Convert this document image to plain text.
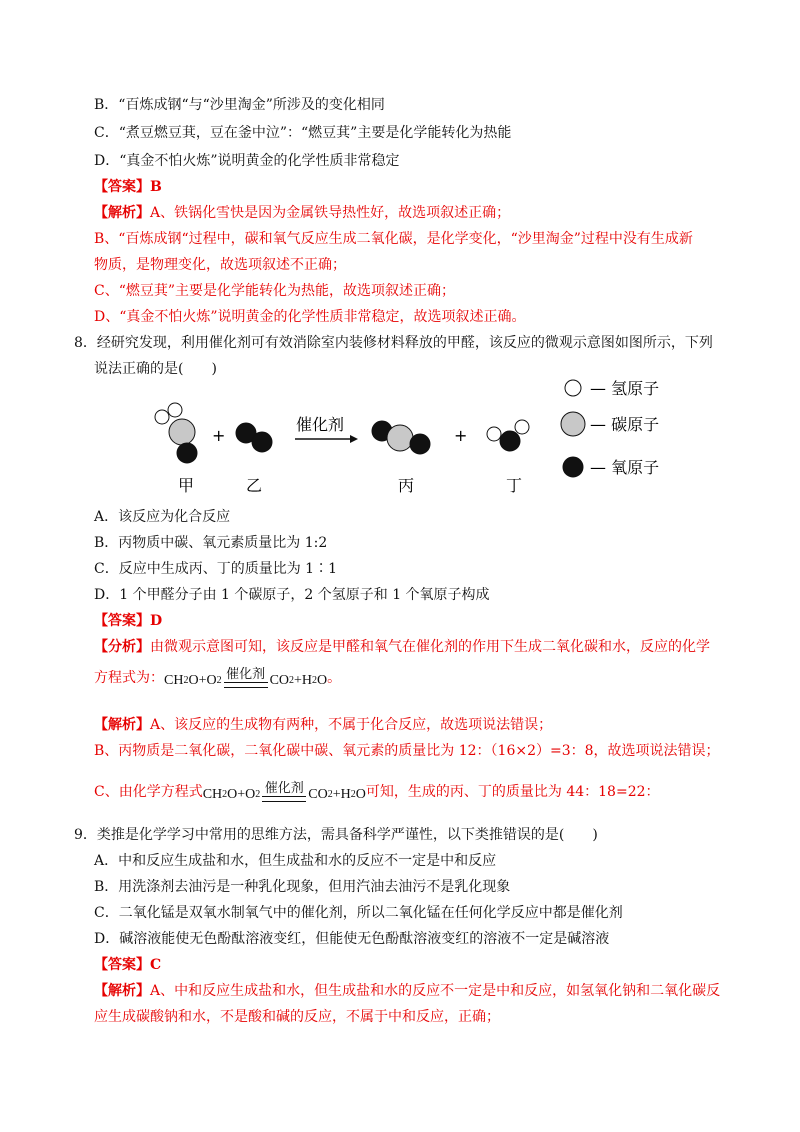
B．“百炼成钢“与“沙里淘金”所涉及的变化相同
C．“煮豆燃豆萁，豆在釜中泣”：“燃豆萁”主要是化学能转化为热能
D．“真金不怕火炼”说明黄金的化学性质非常稳定
【答案】B
【解析】A、铁锅化雪快是因为金属铁导热性好，故选项叙述正确；
B、“百炼成钢“过程中，碳和氧气反应生成二氧化碳，是化学变化，“沙里淘金”过程中没有生成新
物质，是物理变化，故选项叙述不正确；
C、“燃豆萁”主要是化学能转化为热能，故选项叙述正确；
D、“真金不怕火炼”说明黄金的化学性质非常稳定，故选项叙述正确。
8．经研究发现，利用催化剂可有效消除室内装修材料释放的甲醛，该反应的微观示意图如图所示，下列
说法正确的是(　　)
催化剂
+	+
甲	乙	丙	丁
— 氢原子
— 碳原子
— 氧原子
A．该反应为化合反应
B．丙物质中碳、氧元素质量比为 1:2
C．反应中生成丙、丁的质量比为 1∶1
D．1 个甲醛分子由 1 个碳原子，2 个氢原子和 1 个氧原子构成
【答案】D
【分析】由微观示意图可知，该反应是甲醛和氧气在催化剂的作用下生成二氧化碳和水，反应的化学
方程式为：CH 2 O+O 2 催化剂 $CO_2 +H$ 2 O。
【解析】A、该反应的生成物有两种，不属于化合反应，故选项说法错误；
B、丙物质是二氧化碳，二氧化碳中碳、氧元素的质量比为 12：（16×2）=3：8，故选项说法错误；
C、由化学方程式CH 2 O+O 2 催化剂 $CO_2 +H$ 2 O可知，生成的丙、丁的质量比为 44：18=22：
9．类推是化学学习中常用的思维方法，需具备科学严谨性，以下类推错误的是(　　)
A．中和反应生成盐和水，但生成盐和水的反应不一定是中和反应
B．用洗涤剂去油污是一种乳化现象，但用汽油去油污不是乳化现象
C．二氧化锰是双氧水制氧气中的催化剂，所以二氧化锰在任何化学反应中都是催化剂
D．碱溶液能使无色酚酞溶液变红，但能使无色酚酞溶液变红的溶液不一定是碱溶液
【答案】C
【解析】A、中和反应生成盐和水，但生成盐和水的反应不一定是中和反应，如氢氧化钠和二氧化碳反
应生成碳酸钠和水，不是酸和碱的反应，不属于中和反应，正确；
